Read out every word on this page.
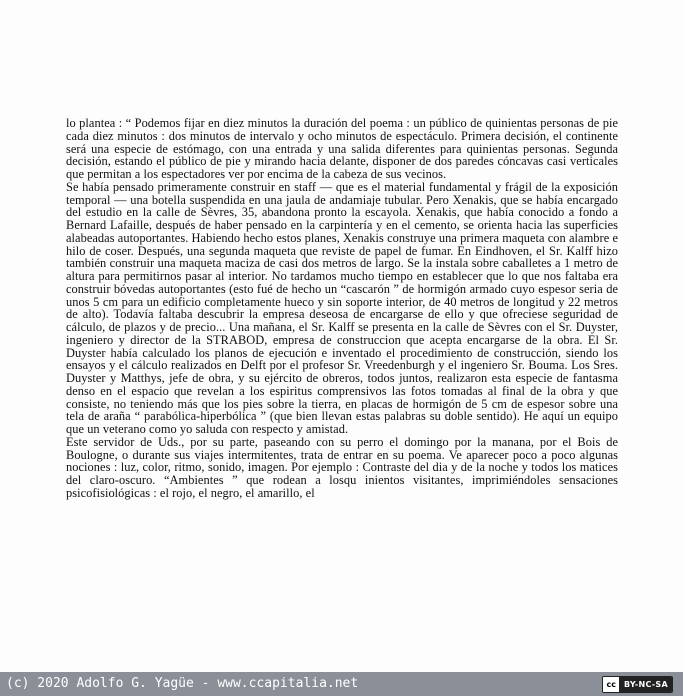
lo plantea : “ Podemos fijar en diez minutos la duración del poema : un público de quinientas personas de pie cada diez minutos : dos minutos de intervalo y ocho minutos de espectáculo. Primera decisión, el continente será una especie de estómago, con una entrada y una salida diferentes para quinientas personas. Segunda decisión, estando el público de pie y mirando hacia delante, disponer de dos paredes cóncavas casi verticales que permitan a los espectadores ver por encima de la cabeza de sus vecinos.

Se había pensado primeramente construir en staff — que es el material fundamental y frágil de la exposición temporal — una botella suspendida en una jaula de andamiaje tubular. Pero Xenakis, que se había encargado del estudio en la calle de Sèvres, 35, abandona pronto la escayola. Xenakis, que había conocido a fondo a Bernard Lafaille, después de haber pensado en la carpintería y en el cemento, se orienta hacia las superficies alabeadas autoportantes. Habiendo hecho estos planes, Xenakis construye una primera maqueta con alambre e hilo de coser. Después, una segunda maqueta que reviste de papel de fumar. En Eindhoven, el Sr. Kalff hizo también construir una maqueta maciza de casi dos metros de largo. Se la instala sobre caballetes a 1 metro de altura para permitirnos pasar al interior. No tardamos mucho tiempo en establecer que lo que nos faltaba era construir bóvedas autoportantes (esto fué de hecho un “cascarón ” de hormigón armado cuyo espesor seria de unos 5 cm para un edificio completamente hueco y sin soporte interior, de 40 metros de longitud y 22 metros de alto). Todavía faltaba descubrir la empresa deseosa de encargarse de ello y que ofreciese seguridad de cálculo, de plazos y de precio... Una mañana, el Sr. Kalff se presenta en la calle de Sèvres con el Sr. Duyster, ingeniero y director de la STRABOD, empresa de construccion que acepta encargarse de la obra. El Sr. Duyster había calculado los planos de ejecución e inventado el procedimiento de construcción, siendo los ensayos y el cálculo realizados en Delft por el profesor Sr. Vreedenburgh y el ingeniero Sr. Bouma. Los Sres. Duyster y Matthys, jefe de obra, y su ejército de obreros, todos juntos, realizaron esta especie de fantasma denso en el espacio que revelan a los espiritus comprensivos las fotos tomadas al final de la obra y que consiste, no teniendo más que los pies sobre la tierra, en placas de hormigón de 5 cm de espesor sobre una tela de araña “ parabólica-hiperbólica ” (que bien llevan estas palabras su doble sentido). He aquí un equipo que un veterano como yo saluda con respecto y amistad.

Este servidor de Uds., por su parte, paseando con su perro el domingo por la manana, por el Bois de Boulogne, o durante sus viajes intermitentes, trata de entrar en su poema. Ve aparecer poco a poco algunas nociones : luz, color, ritmo, sonido, imagen. Por ejemplo : Contraste del dia y de la noche y todos los matices del claro-oscuro. “Ambientes ” que rodean a losqu inientos visitantes, imprimiéndoles sensaciones psicofisiológicas : el rojo, el negro, el amarillo, el

(c) 2020 Adolfo G. Yagüe - www.ccapitalia.net	cc	BY-NC-SA
